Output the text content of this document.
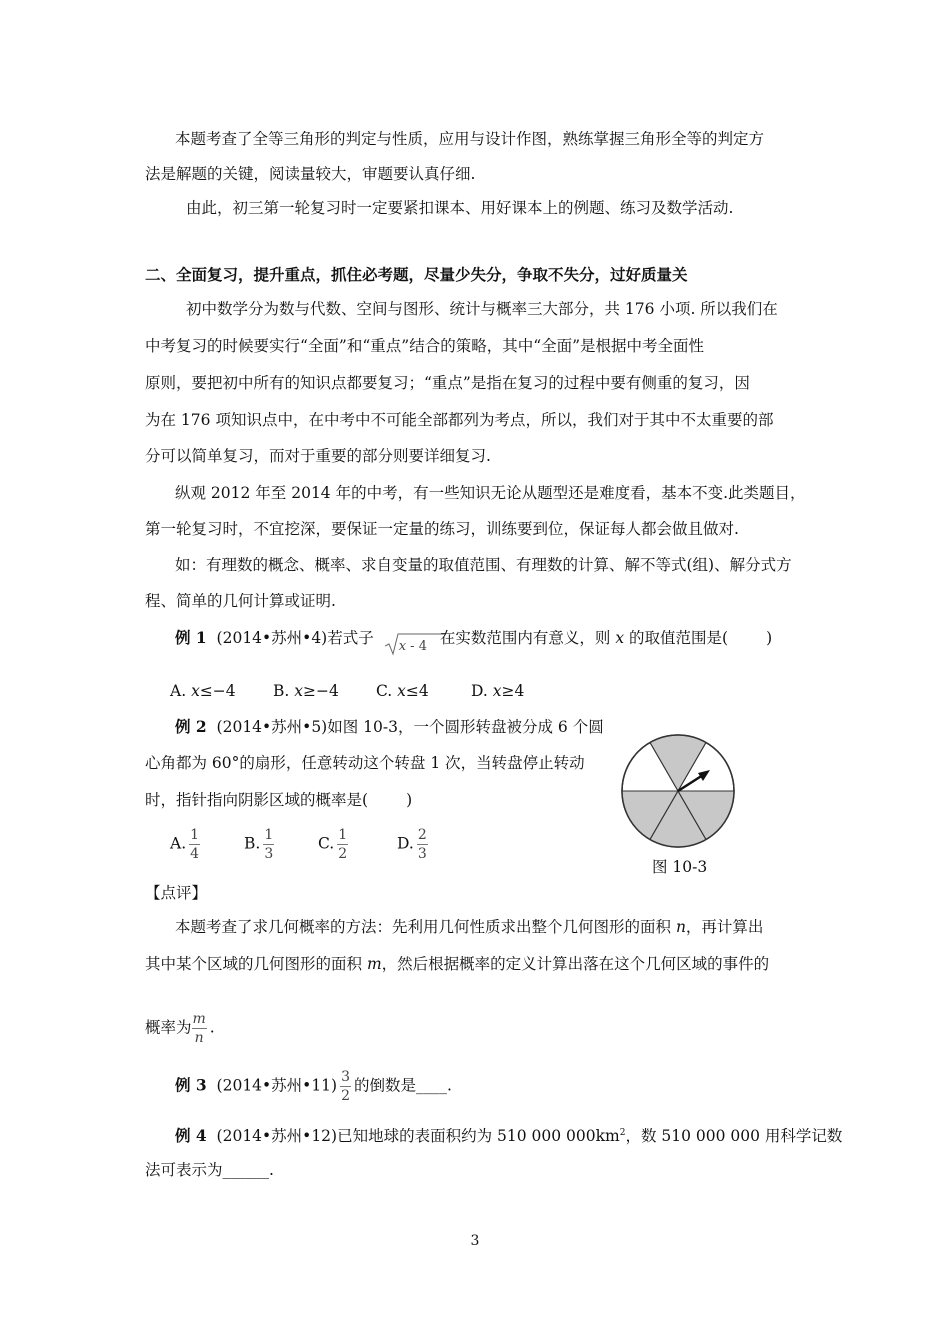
本题考查了全等三角形的判定与性质，应用与设计作图，熟练掌握三角形全等的判定方
法是解题的关键，阅读量较大，审题要认真仔细.
由此，初三第一轮复习时一定要紧扣课本、用好课本上的例题、练习及数学活动.
二、全面复习，提升重点，抓住必考题，尽量少失分，争取不失分，过好质量关
初中数学分为数与代数、空间与图形、统计与概率三大部分，共 176 小项. 所以我们在
中考复习的时候要实行“全面”和“重点”结合的策略，其中“全面”是根据中考全面性
原则，要把初中所有的知识点都要复习；“重点”是指在复习的过程中要有侧重的复习，因
为在 176 项知识点中，在中考中不可能全部都列为考点，所以，我们对于其中不太重要的部
分可以简单复习，而对于重要的部分则要详细复习.
纵观 2012 年至 2014 年的中考，有一些知识无论从题型还是难度看，基本不变.此类题目，
第一轮复习时，不宜挖深，要保证一定量的练习，训练要到位，保证每人都会做且做对.
如：有理数的概念、概率、求自变量的取值范围、有理数的计算、解不等式(组)、解分式方
程、简单的几何计算或证明.
例 1 (2014•苏州•4)若式子 x - 4 在实数范围内有意义，则 x 的取值范围是( )
A. x≤−4 B. x≥−4 C. x≤4	D. x≥4
例 2 (2014•苏州•5)如图 10-3，一个圆形转盘被分成 6 个圆
心角都为 60°的扇形，任意转动这个转盘 1 次，当转盘停止转动
时，指针指向阴影区域的概率是( )
A. $\frac{1}{4}$	B. $\frac{1}{3}$	C. $\frac{1}{2}$	D. $\frac{2}{3}$
图 10-3
【点评】
本题考查了求几何概率的方法：先利用几何性质求出整个几何图形的面积 n，再计算出
其中某个区域的几何图形的面积 m，然后根据概率的定义计算出落在这个几何区域的事件的
概率为 $\frac{m}{n}$ .
例 3 (2014•苏州•11) $\frac{3}{2}$ 的倒数是____.
例 4 (2014•苏州•12)已知地球的表面积约为 510 000 $000km^2$，数 510 000 000 用科学记数
法可表示为______.
3
